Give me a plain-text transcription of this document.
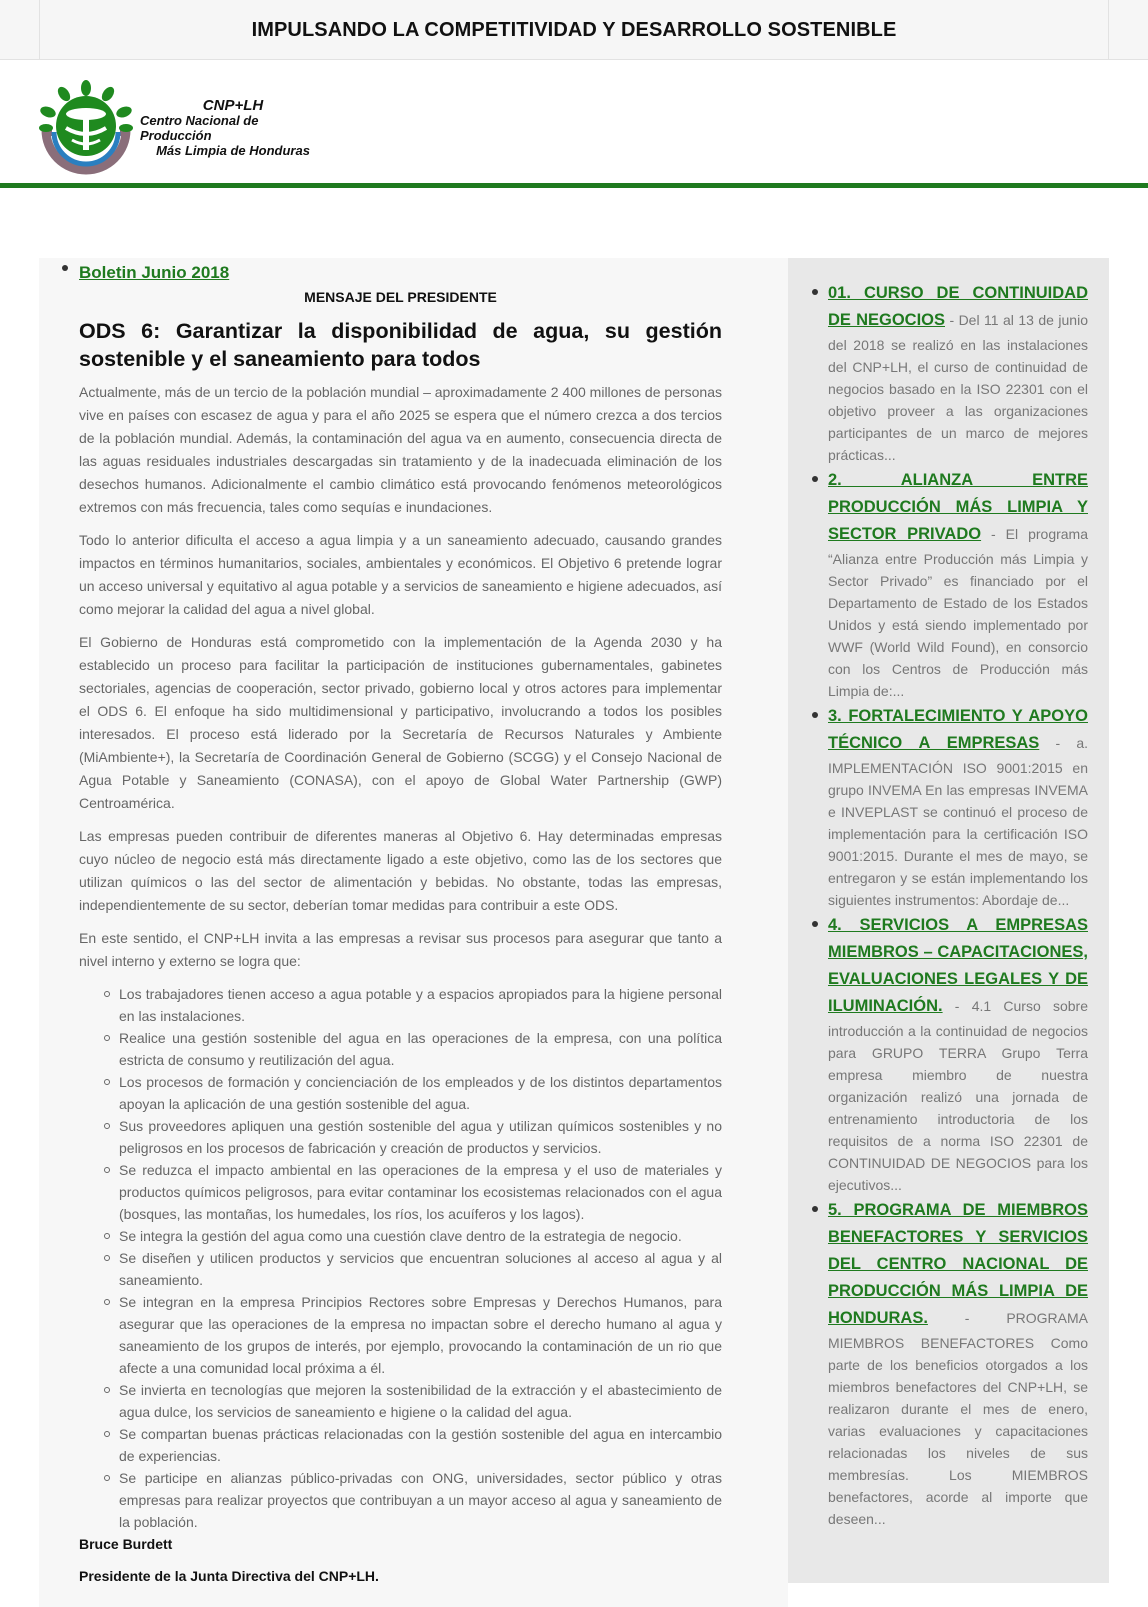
IMPULSANDO LA COMPETITIVIDAD Y DESARROLLO SOSTENIBLE
CNP+LH
Centro Nacional de Producción
Más Limpia de Honduras
Boletin Junio 2018
MENSAJE DEL PRESIDENTE
ODS 6: Garantizar la disponibilidad de agua, su gestión sostenible y el saneamiento para todos

Actualmente, más de un tercio de la población mundial – aproximadamente 2 400 millones de personas vive en países con escasez de agua y para el año 2025 se espera que el número crezca a dos tercios de la población mundial. Además, la contaminación del agua va en aumento, consecuencia directa de las aguas residuales industriales descargadas sin tratamiento y de la inadecuada eliminación de los desechos humanos. Adicionalmente el cambio climático está provocando fenómenos meteorológicos extremos con más frecuencia, tales como sequías e inundaciones.

Todo lo anterior dificulta el acceso a agua limpia y a un saneamiento adecuado, causando grandes impactos en términos humanitarios, sociales, ambientales y económicos. El Objetivo 6 pretende lograr un acceso universal y equitativo al agua potable y a servicios de saneamiento e higiene adecuados, así como mejorar la calidad del agua a nivel global.

El Gobierno de Honduras está comprometido con la implementación de la Agenda 2030 y ha establecido un proceso para facilitar la participación de instituciones gubernamentales, gabinetes sectoriales, agencias de cooperación, sector privado, gobierno local y otros actores para implementar el ODS 6. El enfoque ha sido multidimensional y participativo, involucrando a todos los posibles interesados. El proceso está liderado por la Secretaría de Recursos Naturales y Ambiente (MiAmbiente+), la Secretaría de Coordinación General de Gobierno (SCGG) y el Consejo Nacional de Agua Potable y Saneamiento (CONASA), con el apoyo de Global Water Partnership (GWP) Centroamérica.

Las empresas pueden contribuir de diferentes maneras al Objetivo 6. Hay determinadas empresas cuyo núcleo de negocio está más directamente ligado a este objetivo, como las de los sectores que utilizan químicos o las del sector de alimentación y bebidas. No obstante, todas las empresas, independientemente de su sector, deberían tomar medidas para contribuir a este ODS.

En este sentido, el CNP+LH invita a las empresas a revisar sus procesos para asegurar que tanto a nivel interno y externo se logra que:

Los trabajadores tienen acceso a agua potable y a espacios apropiados para la higiene personal en las instalaciones.
Realice una gestión sostenible del agua en las operaciones de la empresa, con una política estricta de consumo y reutilización del agua.
Los procesos de formación y concienciación de los empleados y de los distintos departamentos apoyan la aplicación de una gestión sostenible del agua.
Sus proveedores apliquen una gestión sostenible del agua y utilizan químicos sostenibles y no peligrosos en los procesos de fabricación y creación de productos y servicios.
Se reduzca el impacto ambiental en las operaciones de la empresa y el uso de materiales y productos químicos peligrosos, para evitar contaminar los ecosistemas relacionados con el agua (bosques, las montañas, los humedales, los ríos, los acuíferos y los lagos).
Se integra la gestión del agua como una cuestión clave dentro de la estrategia de negocio.
Se diseñen y utilicen productos y servicios que encuentran soluciones al acceso al agua y al saneamiento.
Se integran en la empresa Principios Rectores sobre Empresas y Derechos Humanos, para asegurar que las operaciones de la empresa no impactan sobre el derecho humano al agua y saneamiento de los grupos de interés, por ejemplo, provocando la contaminación de un rio que afecte a una comunidad local próxima a él.
Se invierta en tecnologías que mejoren la sostenibilidad de la extracción y el abastecimiento de agua dulce, los servicios de saneamiento e higiene o la calidad del agua.
Se compartan buenas prácticas relacionadas con la gestión sostenible del agua en intercambio de experiencias.
Se participe en alianzas público-privadas con ONG, universidades, sector público y otras empresas para realizar proyectos que contribuyan a un mayor acceso al agua y saneamiento de la población.
Bruce Burdett
Presidente de la Junta Directiva del CNP+LH.
01. CURSO DE CONTINUIDAD DE NEGOCIOS - Del 11 al 13 de junio del 2018 se realizó en las instalaciones del CNP+LH, el curso de continuidad de negocios basado en la ISO 22301 con el objetivo proveer a las organizaciones participantes de un marco de mejores prácticas...
2. ALIANZA ENTRE PRODUCCIÓN MÁS LIMPIA Y SECTOR PRIVADO - El programa “Alianza entre Producción más Limpia y Sector Privado” es financiado por el Departamento de Estado de los Estados Unidos y está siendo implementado por WWF (World Wild Found), en consorcio con los Centros de Producción más Limpia de:...
3. FORTALECIMIENTO Y APOYO TÉCNICO A EMPRESAS - a. IMPLEMENTACIÓN ISO 9001:2015 en grupo INVEMA En las empresas INVEMA e INVEPLAST se continuó el proceso de implementación para la certificación ISO 9001:2015. Durante el mes de mayo, se entregaron y se están implementando los siguientes instrumentos: Abordaje de...
4. SERVICIOS A EMPRESAS MIEMBROS – CAPACITACIONES, EVALUACIONES LEGALES Y DE ILUMINACIÓN. - 4.1 Curso sobre introducción a la continuidad de negocios para GRUPO TERRA Grupo Terra empresa miembro de nuestra organización realizó una jornada de entrenamiento introductoria de los requisitos de a norma ISO 22301 de CONTINUIDAD DE NEGOCIOS para los ejecutivos...
5. PROGRAMA DE MIEMBROS BENEFACTORES Y SERVICIOS DEL CENTRO NACIONAL DE PRODUCCIÓN MÁS LIMPIA DE HONDURAS. - PROGRAMA MIEMBROS BENEFACTORES Como parte de los beneficios otorgados a los miembros benefactores del CNP+LH, se realizaron durante el mes de enero, varias evaluaciones y capacitaciones relacionadas los niveles de sus membresías. Los MIEMBROS benefactores, acorde al importe que deseen...
